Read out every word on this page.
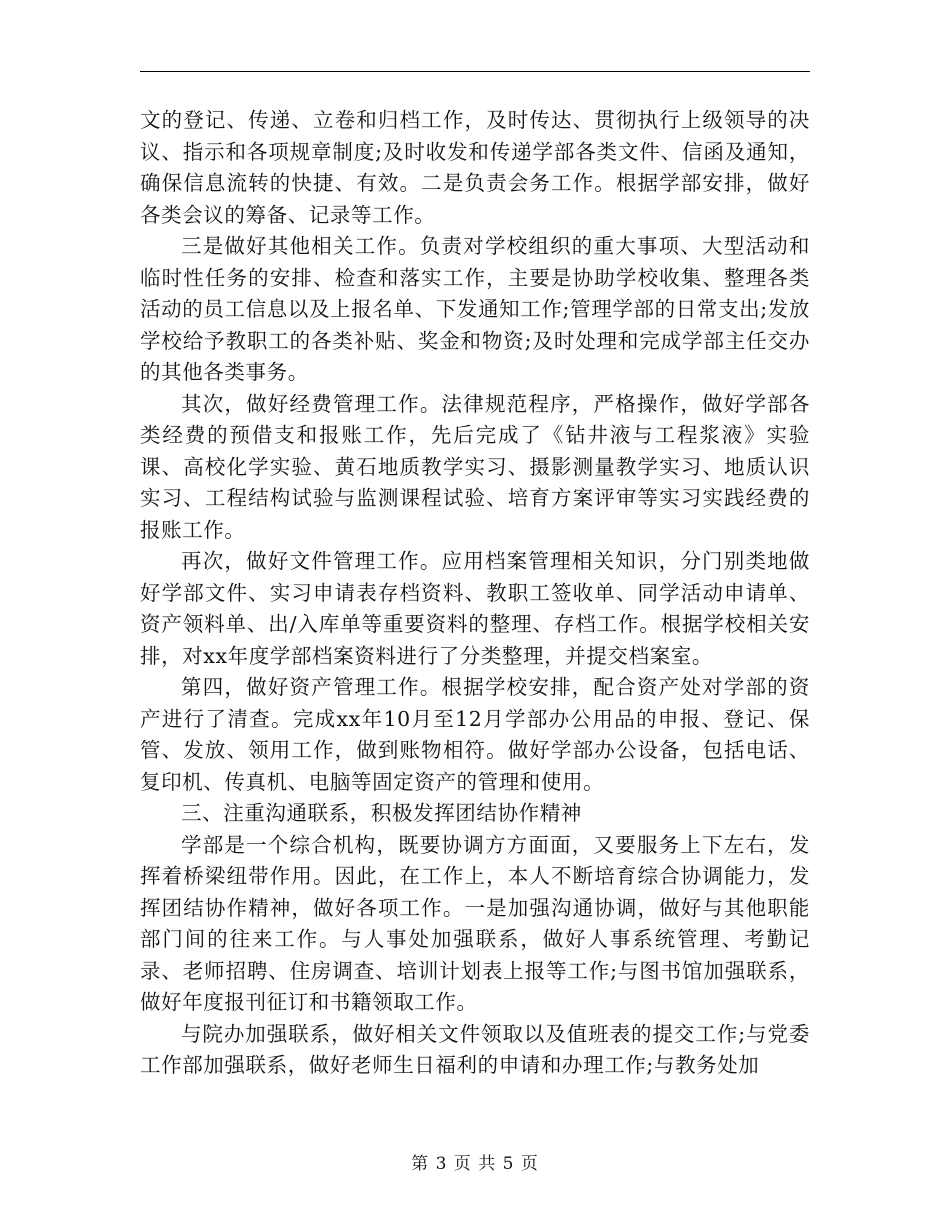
文的登记、传递、立卷和归档工作，及时传达、贯彻执行上级领导的决议、指示和各项规章制度;及时收发和传递学部各类文件、信函及通知，确保信息流转的快捷、有效。二是负责会务工作。根据学部安排，做好各类会议的筹备、记录等工作。

三是做好其他相关工作。负责对学校组织的重大事项、大型活动和临时性任务的安排、检查和落实工作，主要是协助学校收集、整理各类活动的员工信息以及上报名单、下发通知工作;管理学部的日常支出;发放学校给予教职工的各类补贴、奖金和物资;及时处理和完成学部主任交办的其他各类事务。

其次，做好经费管理工作。法律规范程序，严格操作，做好学部各类经费的预借支和报账工作，先后完成了《钻井液与工程浆液》实验课、高校化学实验、黄石地质教学实习、摄影测量教学实习、地质认识实习、工程结构试验与监测课程试验、培育方案评审等实习实践经费的报账工作。

再次，做好文件管理工作。应用档案管理相关知识，分门别类地做好学部文件、实习申请表存档资料、教职工签收单、同学活动申请单、资产领料单、出/入库单等重要资料的整理、存档工作。根据学校相关安排，对xx年度学部档案资料进行了分类整理，并提交档案室。

第四，做好资产管理工作。根据学校安排，配合资产处对学部的资产进行了清查。完成xx年10月至12月学部办公用品的申报、登记、保管、发放、领用工作，做到账物相符。做好学部办公设备，包括电话、复印机、传真机、电脑等固定资产的管理和使用。

三、注重沟通联系，积极发挥团结协作精神

学部是一个综合机构，既要协调方方面面，又要服务上下左右，发挥着桥梁纽带作用。因此，在工作上，本人不断培育综合协调能力，发挥团结协作精神，做好各项工作。一是加强沟通协调，做好与其他职能部门间的往来工作。与人事处加强联系，做好人事系统管理、考勤记录、老师招聘、住房调查、培训计划表上报等工作;与图书馆加强联系，做好年度报刊征订和书籍领取工作。

与院办加强联系，做好相关文件领取以及值班表的提交工作;与党委工作部加强联系，做好老师生日福利的申请和办理工作;与教务处加

第 3 页 共 5 页
